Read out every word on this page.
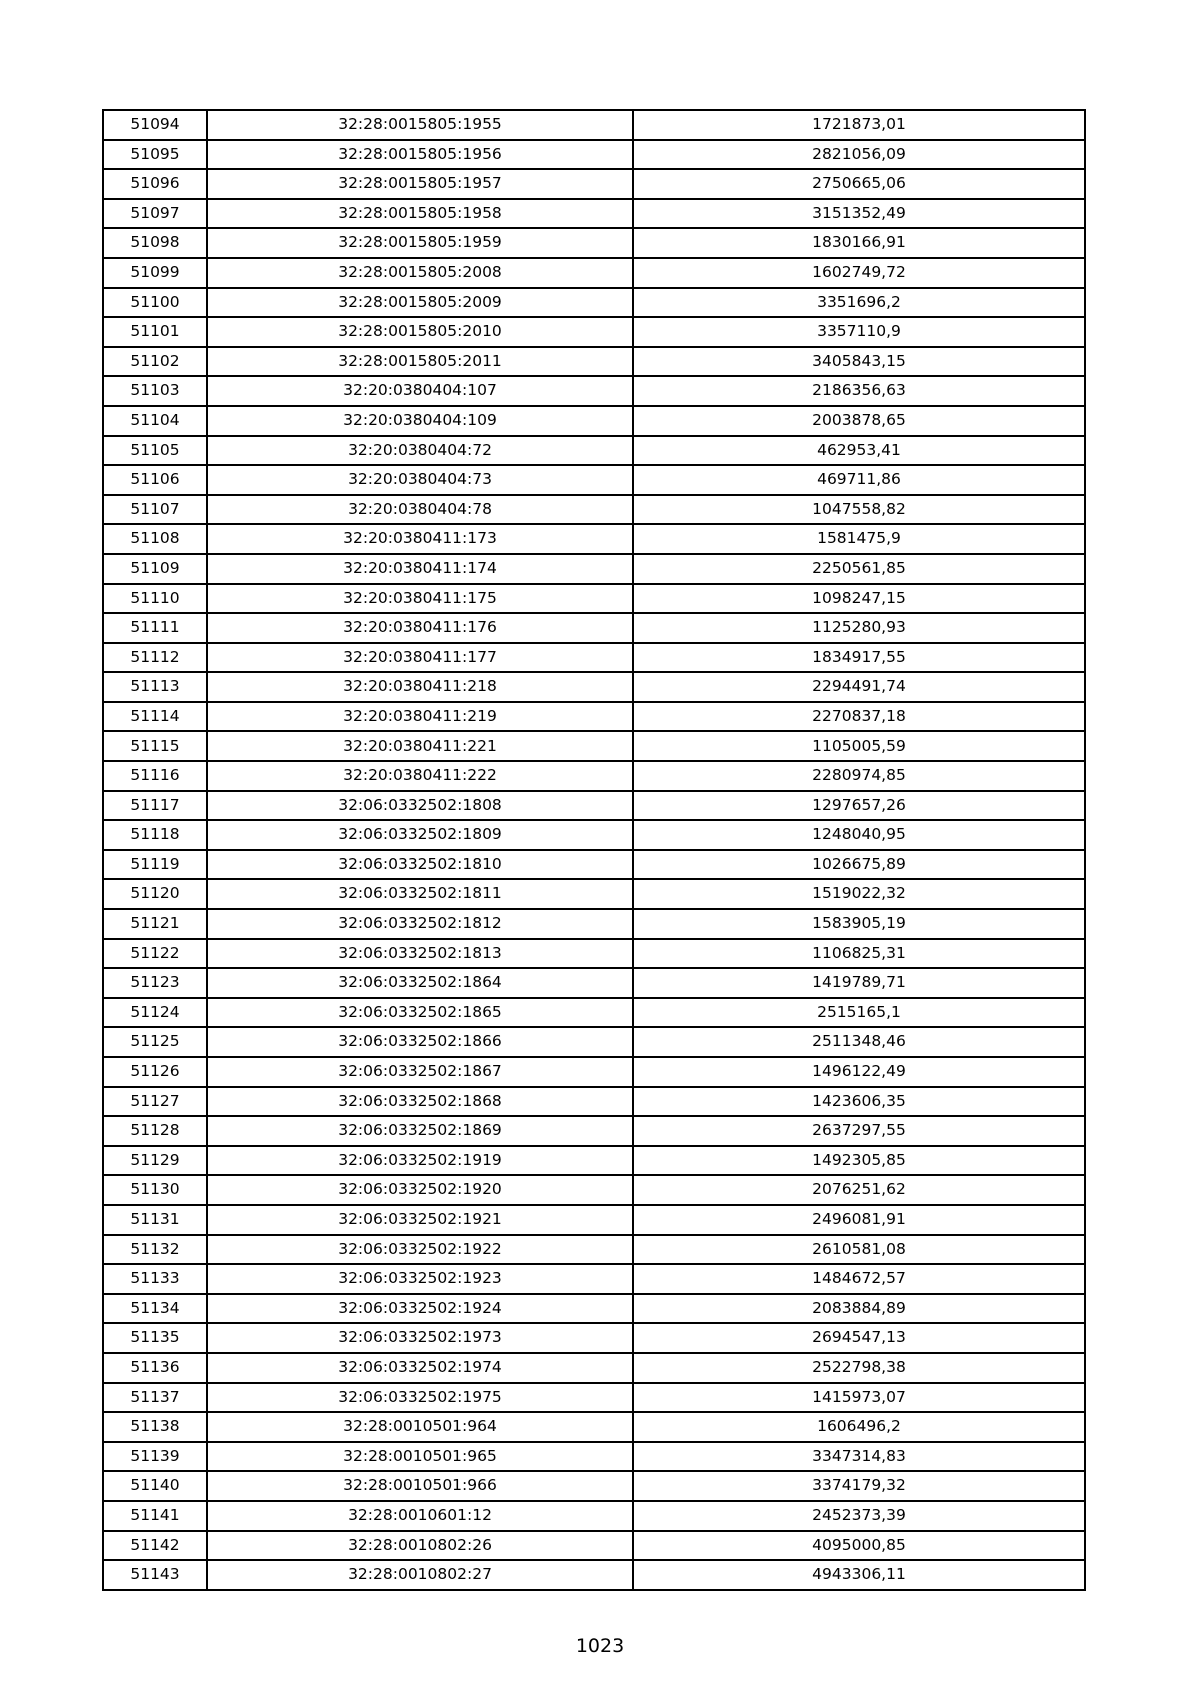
51094	32:28:0015805:1955	1721873,01
51095	32:28:0015805:1956	2821056,09
51096	32:28:0015805:1957	2750665,06
51097	32:28:0015805:1958	3151352,49
51098	32:28:0015805:1959	1830166,91
51099	32:28:0015805:2008	1602749,72
51100	32:28:0015805:2009	3351696,2
51101	32:28:0015805:2010	3357110,9
51102	32:28:0015805:2011	3405843,15
51103	32:20:0380404:107	2186356,63
51104	32:20:0380404:109	2003878,65
51105	32:20:0380404:72	462953,41
51106	32:20:0380404:73	469711,86
51107	32:20:0380404:78	1047558,82
51108	32:20:0380411:173	1581475,9
51109	32:20:0380411:174	2250561,85
51110	32:20:0380411:175	1098247,15
51111	32:20:0380411:176	1125280,93
51112	32:20:0380411:177	1834917,55
51113	32:20:0380411:218	2294491,74
51114	32:20:0380411:219	2270837,18
51115	32:20:0380411:221	1105005,59
51116	32:20:0380411:222	2280974,85
51117	32:06:0332502:1808	1297657,26
51118	32:06:0332502:1809	1248040,95
51119	32:06:0332502:1810	1026675,89
51120	32:06:0332502:1811	1519022,32
51121	32:06:0332502:1812	1583905,19
51122	32:06:0332502:1813	1106825,31
51123	32:06:0332502:1864	1419789,71
51124	32:06:0332502:1865	2515165,1
51125	32:06:0332502:1866	2511348,46
51126	32:06:0332502:1867	1496122,49
51127	32:06:0332502:1868	1423606,35
51128	32:06:0332502:1869	2637297,55
51129	32:06:0332502:1919	1492305,85
51130	32:06:0332502:1920	2076251,62
51131	32:06:0332502:1921	2496081,91
51132	32:06:0332502:1922	2610581,08
51133	32:06:0332502:1923	1484672,57
51134	32:06:0332502:1924	2083884,89
51135	32:06:0332502:1973	2694547,13
51136	32:06:0332502:1974	2522798,38
51137	32:06:0332502:1975	1415973,07
51138	32:28:0010501:964	1606496,2
51139	32:28:0010501:965	3347314,83
51140	32:28:0010501:966	3374179,32
51141	32:28:0010601:12	2452373,39
51142	32:28:0010802:26	4095000,85
51143	32:28:0010802:27	4943306,11
1023
